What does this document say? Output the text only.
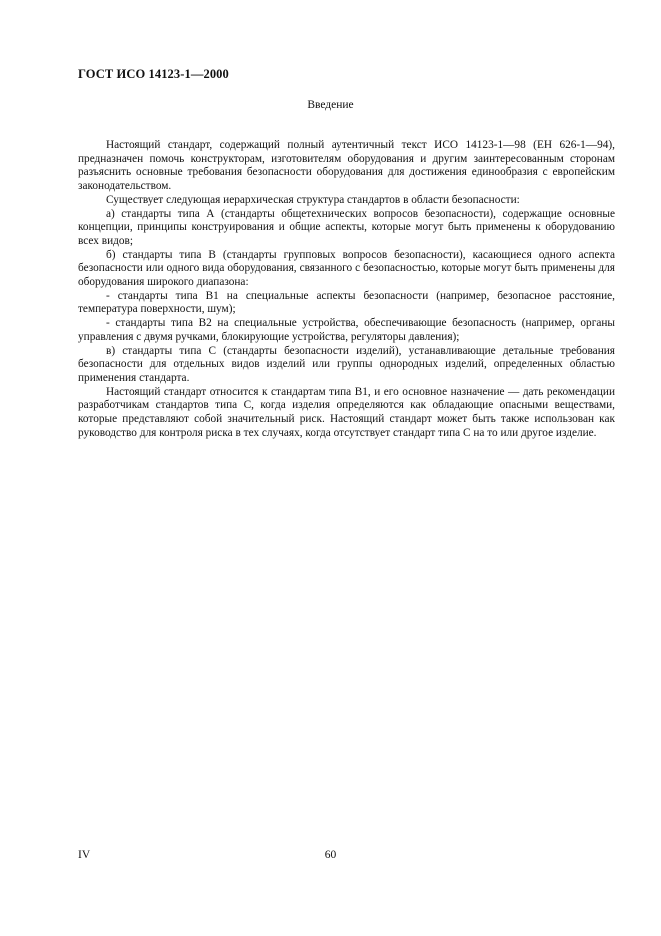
ГОСТ ИСО 14123-1—2000
Введение

Настоящий стандарт, содержащий полный аутентичный текст ИСО 14123-1—98 (ЕН 626-1—94), предназначен помочь конструкторам, изготовителям оборудования и другим заинтересованным сторонам разъяснить основные требования безопасности оборудования для достижения единообразия с европейским законодательством.

Существует следующая иерархическая структура стандартов в области безопасности:

а) стандарты типа А (стандарты общетехнических вопросов безопасности), содержащие основные концепции, принципы конструирования и общие аспекты, которые могут быть применены к оборудованию всех видов;

б) стандарты типа В (стандарты групповых вопросов безопасности), касающиеся одного аспекта безопасности или одного вида оборудования, связанного с безопасностью, которые могут быть применены для оборудования широкого диапазона:

- стандарты типа В1 на специальные аспекты безопасности (например, безопасное расстояние, температура поверхности, шум);

- стандарты типа В2 на специальные устройства, обеспечивающие безопасность (например, органы управления с двумя ручками, блокирующие устройства, регуляторы давления);

в) стандарты типа С (стандарты безопасности изделий), устанавливающие детальные требования безопасности для отдельных видов изделий или группы однородных изделий, определенных областью применения стандарта.

Настоящий стандарт относится к стандартам типа В1, и его основное назначение — дать рекомендации разработчикам стандартов типа С, когда изделия определяются как обладающие опасными веществами, которые представляют собой значительный риск. Настоящий стандарт может быть также использован как руководство для контроля риска в тех случаях, когда отсутствует стандарт типа С на то или другое изделие.

IV	60
